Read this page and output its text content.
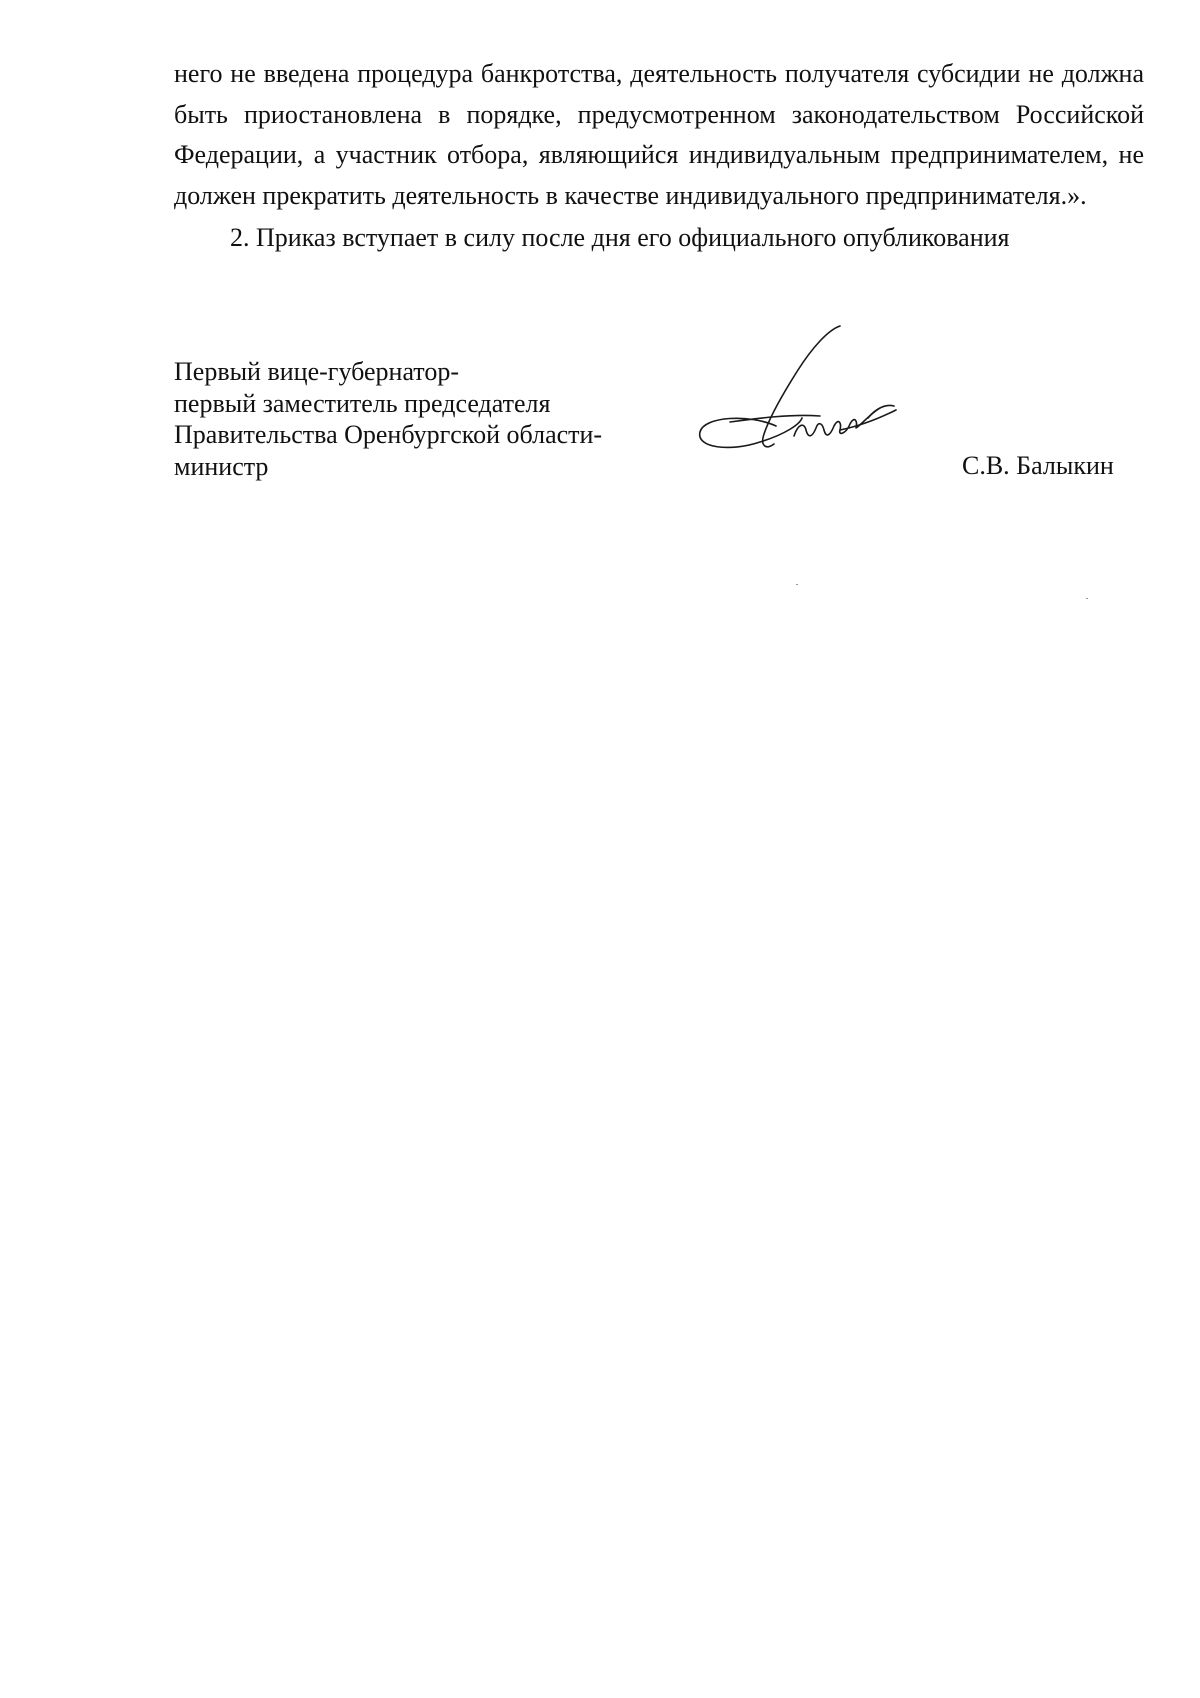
него не введена процедура банкротства, деятельность получателя субсидии не должна быть приостановлена в порядке, предусмотренном законодательством Российской Федерации, а участник отбора, являющийся индивидуальным предпринимателем, не должен прекратить деятельность в качестве индивидуального предпринимателя.».

2. Приказ вступает в силу после дня его официального опубликования

Первый вице-губернатор-
первый заместитель председателя
Правительства Оренбургской области-
министр	С.В. Балыкин
